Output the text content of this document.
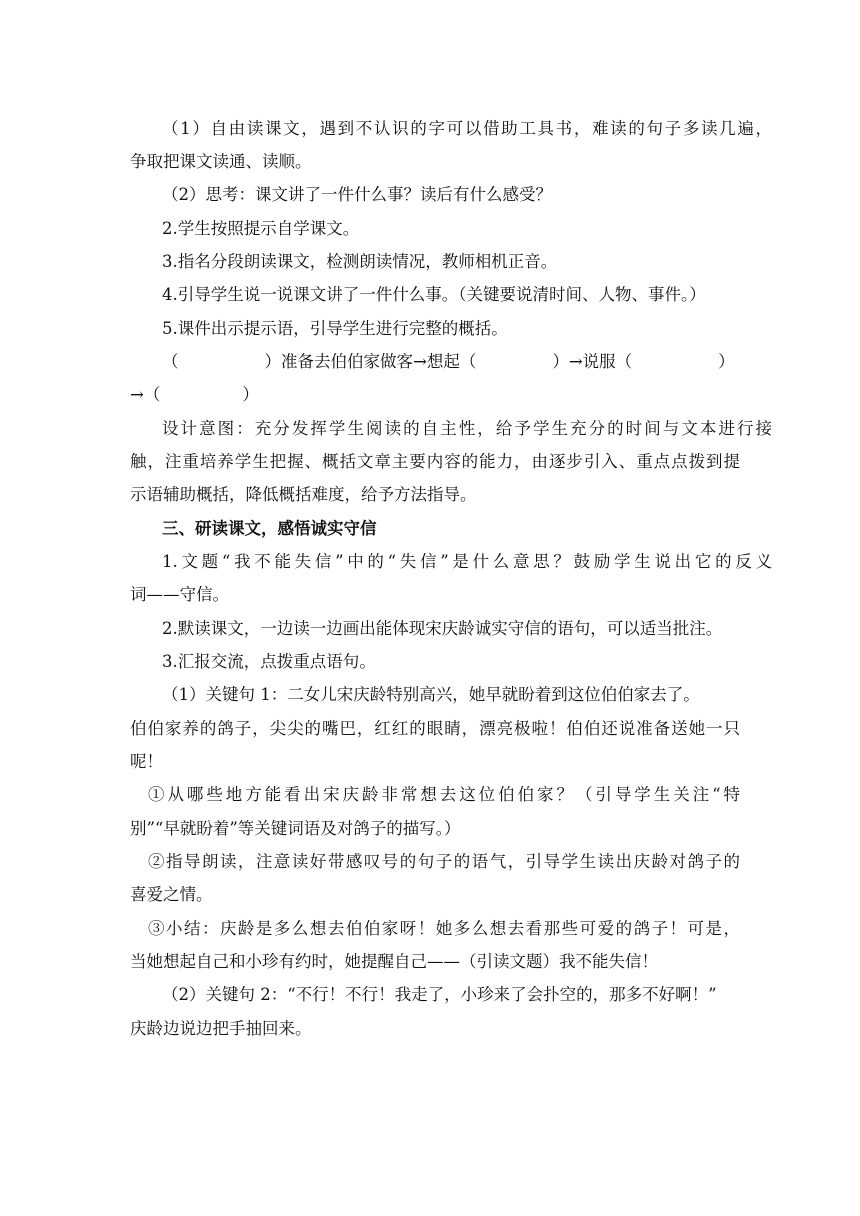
（1）自由读课文，遇到不认识的字可以借助工具书，难读的句子多读几遍，
争取把课文读通、读顺。
（2）思考：课文讲了一件什么事？读后有什么感受？
2.学生按照提示自学课文。
3.指名分段朗读课文，检测朗读情况，教师相机正音。
4.引导学生说一说课文讲了一件什么事。（关键要说清时间、人物、事件。）
5.课件出示提示语，引导学生进行完整的概括。
（	）准备去伯伯家做客→想起（	）→说服（	）
→（	）
设计意图：充分发挥学生阅读的自主性，给予学生充分的时间与文本进行接
触，注重培养学生把握、概括文章主要内容的能力，由逐步引入、重点点拨到提
示语辅助概括，降低概括难度，给予方法指导。
三、研读课文，感悟诚实守信
1.文题“我不能失信”中的“失信”是什么意思？鼓励学生说出它的反义
词——守信。
2.默读课文，一边读一边画出能体现宋庆龄诚实守信的语句，可以适当批注。
3.汇报交流，点拨重点语句。
（1）关键句 1：二女儿宋庆龄特别高兴，她早就盼着到这位伯伯家去了。
伯伯家养的鸽子，尖尖的嘴巴，红红的眼睛，漂亮极啦！伯伯还说准备送她一只
呢！
①从哪些地方能看出宋庆龄非常想去这位伯伯家？（引导学生关注“特
别”“早就盼着”等关键词语及对鸽子的描写。）
②指导朗读，注意读好带感叹号的句子的语气，引导学生读出庆龄对鸽子的
喜爱之情。
③小结：庆龄是多么想去伯伯家呀！她多么想去看那些可爱的鸽子！可是，
当她想起自己和小珍有约时，她提醒自己——（引读文题）我不能失信！
（2）关键句 2：“不行！不行！我走了，小珍来了会扑空的，那多不好啊！”
庆龄边说边把手抽回来。
